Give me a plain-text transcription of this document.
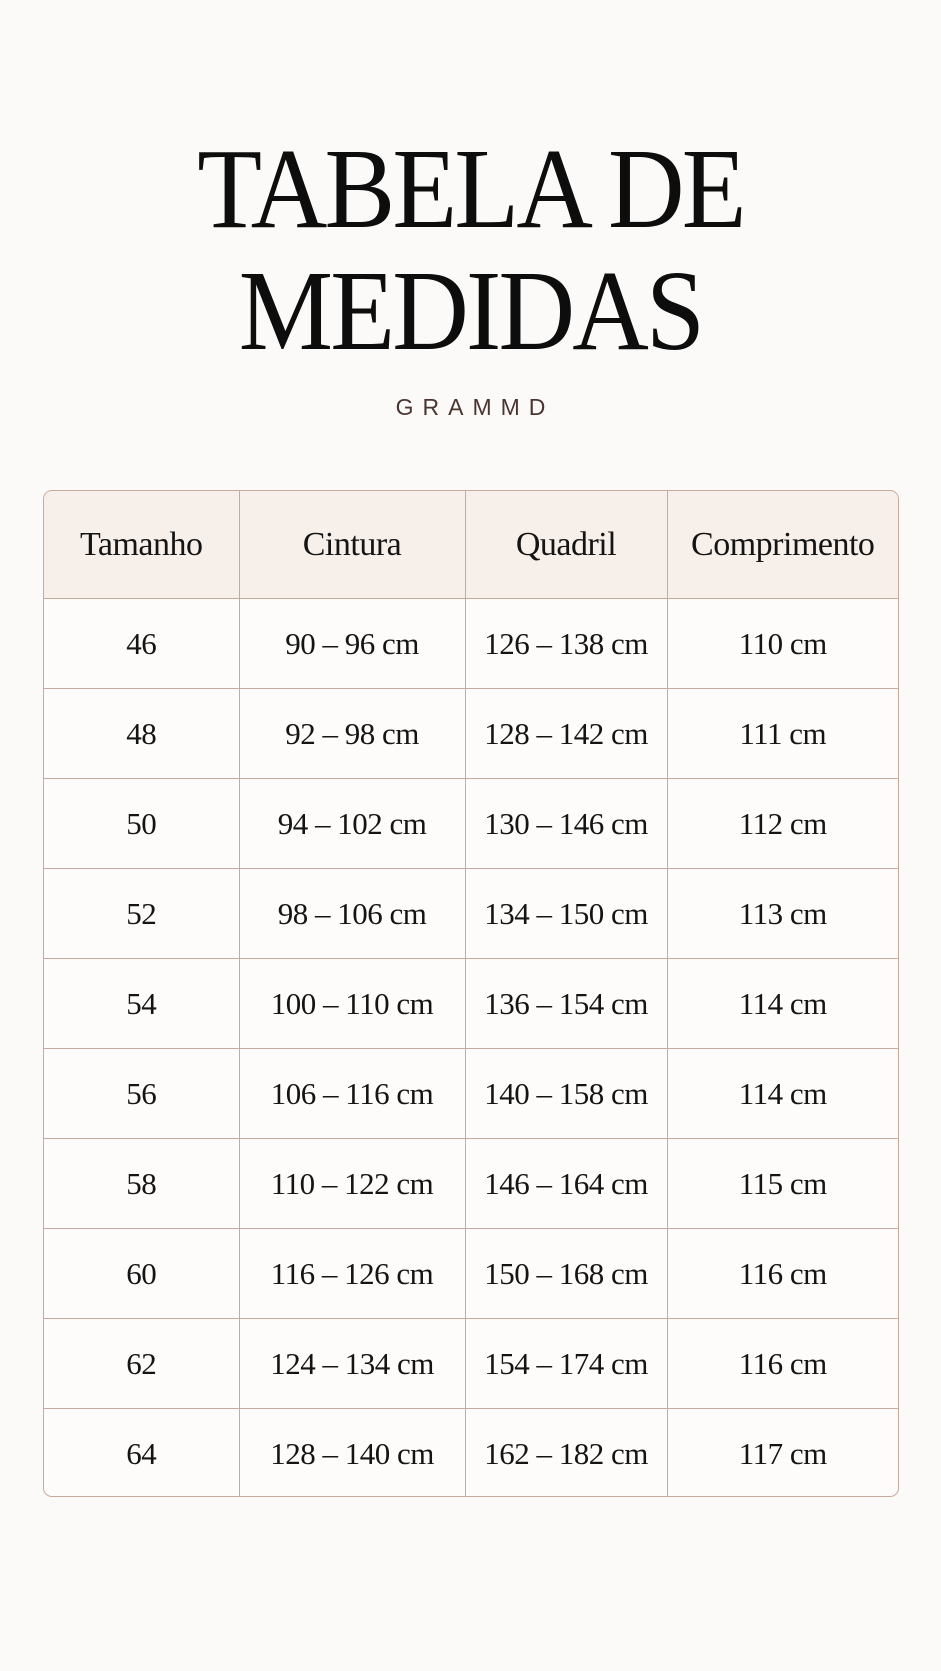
TABELA DE
MEDIDAS
GRAMMD
Tamanho	Cintura	Quadril	Comprimento
46	90 – 96 cm	126 – 138 cm	110 cm
48	92 – 98 cm	128 – 142 cm	111 cm
50	94 – 102 cm	130 – 146 cm	112 cm
52	98 – 106 cm	134 – 150 cm	113 cm
54	100 – 110 cm	136 – 154 cm	114 cm
56	106 – 116 cm	140 – 158 cm	114 cm
58	110 – 122 cm	146 – 164 cm	115 cm
60	116 – 126 cm	150 – 168 cm	116 cm
62	124 – 134 cm	154 – 174 cm	116 cm
64	128 – 140 cm	162 – 182 cm	117 cm
